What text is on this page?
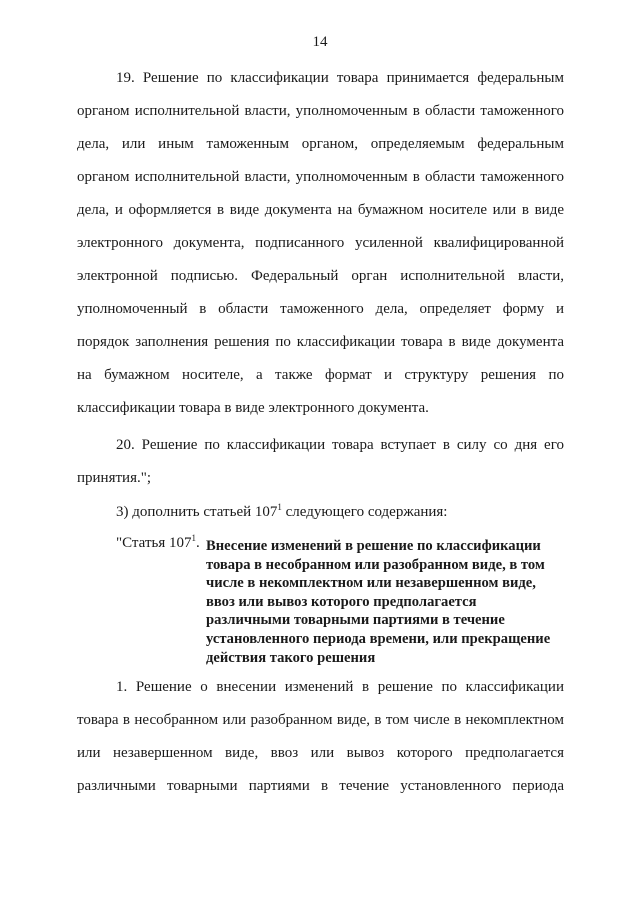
14
19. Решение по классификации товара принимается федеральным
органом исполнительной власти, уполномоченным в области таможенного
дела, или иным таможенным органом, определяемым федеральным
органом исполнительной власти, уполномоченным в области таможенного
дела, и оформляется в виде документа на бумажном носителе или в виде
электронного документа, подписанного усиленной квалифицированной
электронной подписью. Федеральный орган исполнительной власти,
уполномоченный в области таможенного дела, определяет форму и
порядок заполнения решения по классификации товара в виде документа
на бумажном носителе, а также формат и структуру решения по
классификации товара в виде электронного документа.
20. Решение по классификации товара вступает в силу со дня его
принятия.";
3) дополнить статьей $107^1$ следующего содержания:
"Статья $107^1$. Внесение изменений в решение по классификации
товара в несобранном или разобранном виде, в том
числе в некомплектном или незавершенном виде,
ввоз или вывоз которого предполагается
различными товарными партиями в течение
установленного периода времени, или прекращение
действия такого решения
1. Решение о внесении изменений в решение по классификации
товара в несобранном или разобранном виде, в том числе в некомплектном
или незавершенном виде, ввоз или вывоз которого предполагается
различными товарными партиями в течение установленного периода
